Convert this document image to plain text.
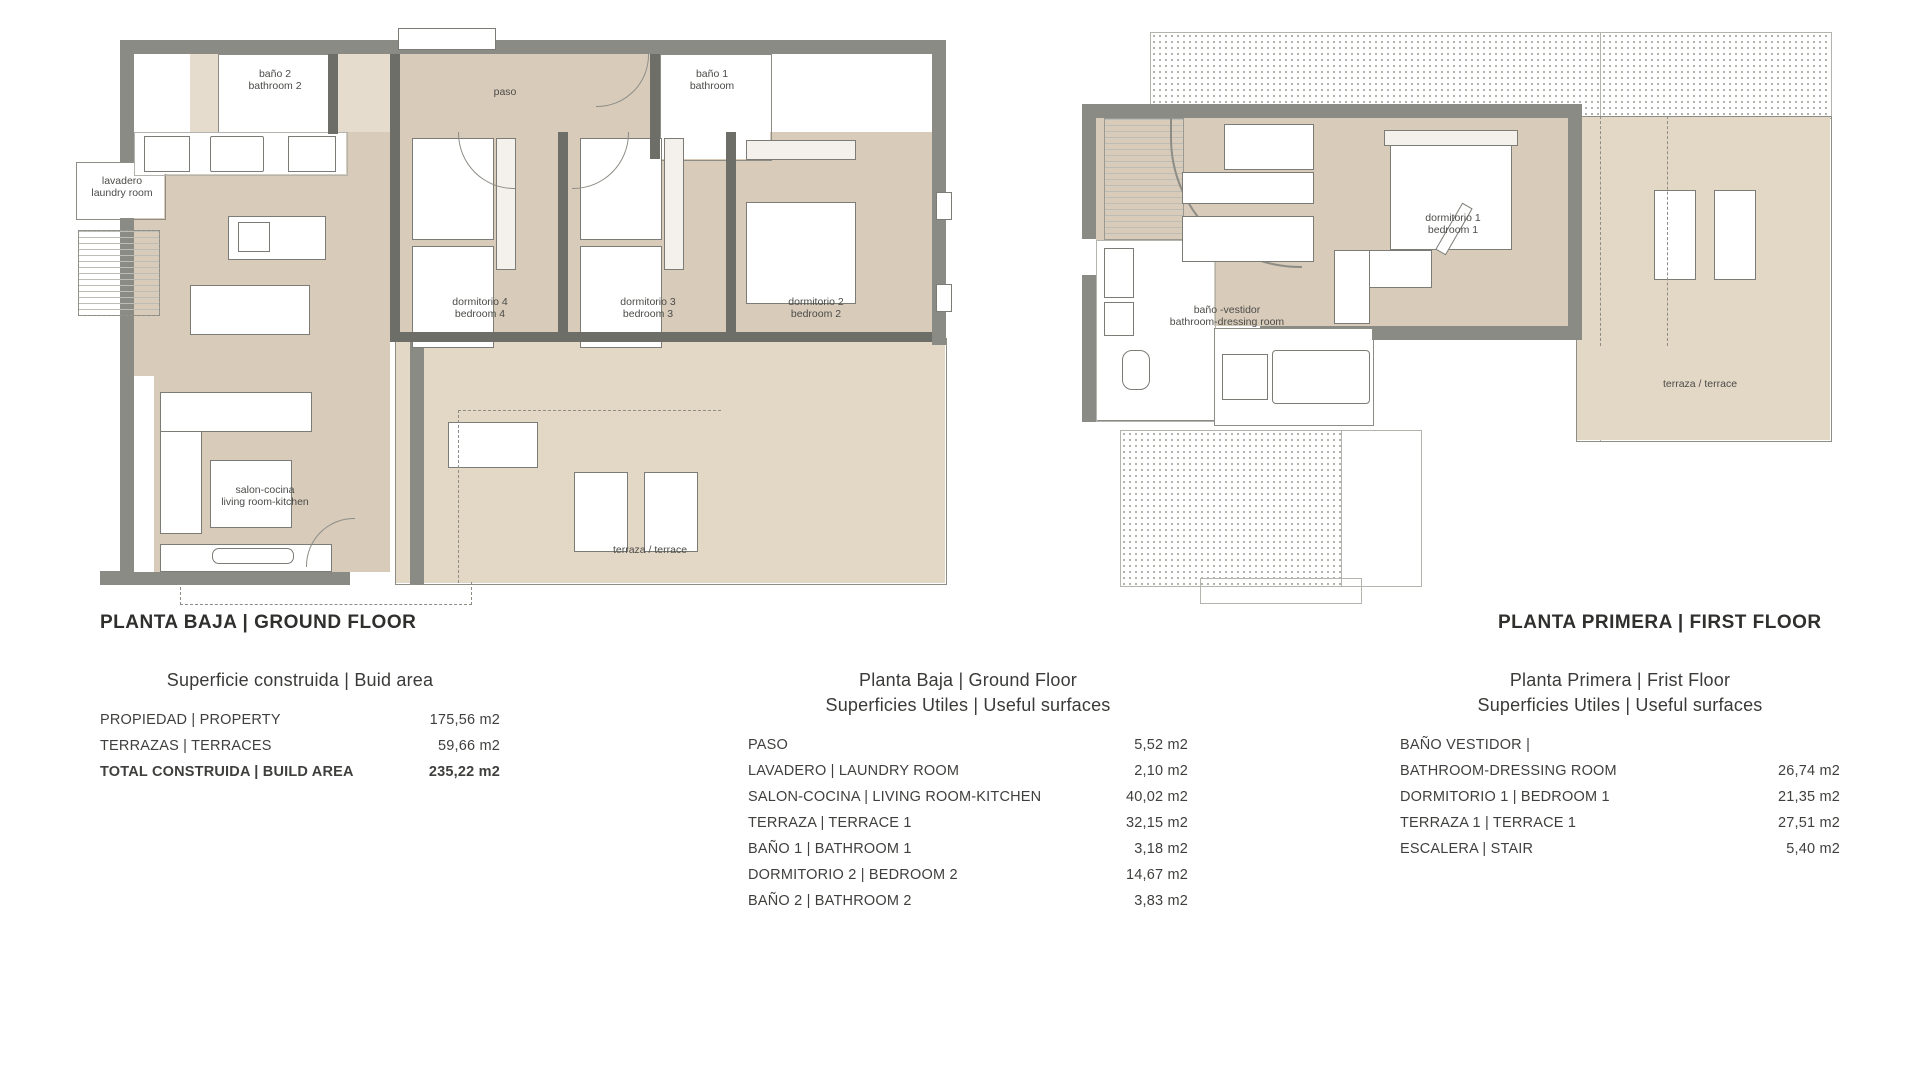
baño 2
bathroom 2	paso
baño 1
bathroom
lavadero
laundry room
dormitorio 4
bedroom 4
dormitorio 3
bedroom 3
dormitorio 2
bedroom 2
salon-cocina
living room-kitchen
terraza / terrace
baño -vestidor
bathroom-dressing room
dormitorio 1
bedroom 1
terraza / terrace
PLANTA BAJA | GROUND FLOOR	PLANTA PRIMERA | FIRST FLOOR
Superficie construida | Buid area
PROPIEDAD | PROPERTY	175,56 m2
TERRAZAS | TERRACES	59,66 m2
TOTAL CONSTRUIDA | BUILD AREA	235,22 m2
Planta Baja | Ground Floor
Superficies Utiles | Useful surfaces
PASO	5,52 m2
LAVADERO | LAUNDRY ROOM	2,10 m2
SALON-COCINA | LIVING ROOM-KITCHEN	40,02 m2
TERRAZA | TERRACE 1	32,15 m2
BAÑO 1 | BATHROOM 1	3,18 m2
DORMITORIO 2 | BEDROOM 2	14,67 m2
BAÑO 2 | BATHROOM 2	3,83 m2
Planta Primera | Frist Floor
Superficies Utiles | Useful surfaces
BAÑO VESTIDOR |
BATHROOM-DRESSING ROOM	26,74 m2
DORMITORIO 1 | BEDROOM 1	21,35 m2
TERRAZA 1 | TERRACE 1	27,51 m2
ESCALERA | STAIR	5,40 m2
